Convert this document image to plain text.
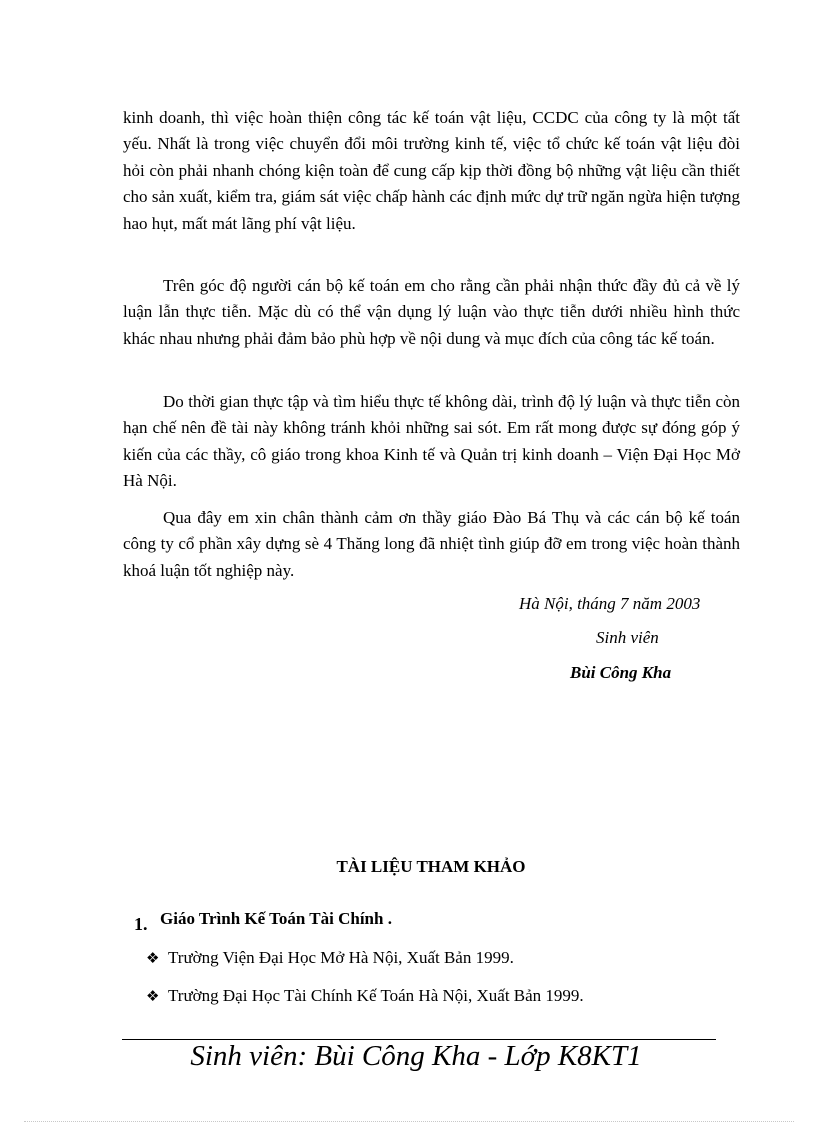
kinh doanh, thì việc hoàn thiện công tác kế toán vật liệu, CCDC của công ty là một tất yếu. Nhất là trong việc chuyển đổi môi trường kinh tế, việc tổ chức kế toán vật liệu đòi hỏi còn phải nhanh chóng kiện toàn để cung cấp kịp thời đồng bộ những vật liệu cần thiết cho sản xuất, kiểm tra, giám sát việc chấp hành các định mức dự trữ ngăn ngừa hiện tượng hao hụt, mất mát lãng phí vật liệu.

Trên góc độ người cán bộ kế toán em cho rằng cần phải nhận thức đầy đủ cả về lý luận lẫn thực tiễn. Mặc dù có thể vận dụng lý luận vào thực tiễn dưới nhiều hình thức khác nhau nhưng phải đảm bảo phù hợp về nội dung và mục đích của công tác kế toán.

Do thời gian thực tập và tìm hiểu thực tế không dài, trình độ lý luận và thực tiễn còn hạn chế nên đề tài này không tránh khỏi những sai sót. Em rất mong được sự đóng góp ý kiến của các thầy, cô giáo trong khoa Kinh tế và Quản trị kinh doanh – Viện Đại Học Mở Hà Nội.

Qua đây em xin chân thành cảm ơn thầy giáo Đào Bá Thụ và các cán bộ kế toán công ty cổ phần xây dựng sè 4 Thăng long đã nhiệt tình giúp đỡ em trong việc hoàn thành khoá luận tốt nghiệp này.

Hà Nội, tháng 7 năm 2003
Sinh viên
Bùi Công Kha
TÀI LIỆU THAM KHẢO
1. Giáo Trình Kế Toán Tài Chính .
❖ Trường Viện Đại Học Mở Hà Nội, Xuất Bản 1999.
❖ Trường Đại Học Tài Chính Kế Toán Hà Nội, Xuất Bản 1999.
Sinh viên: Bùi Công Kha - Lớp K8KT1
